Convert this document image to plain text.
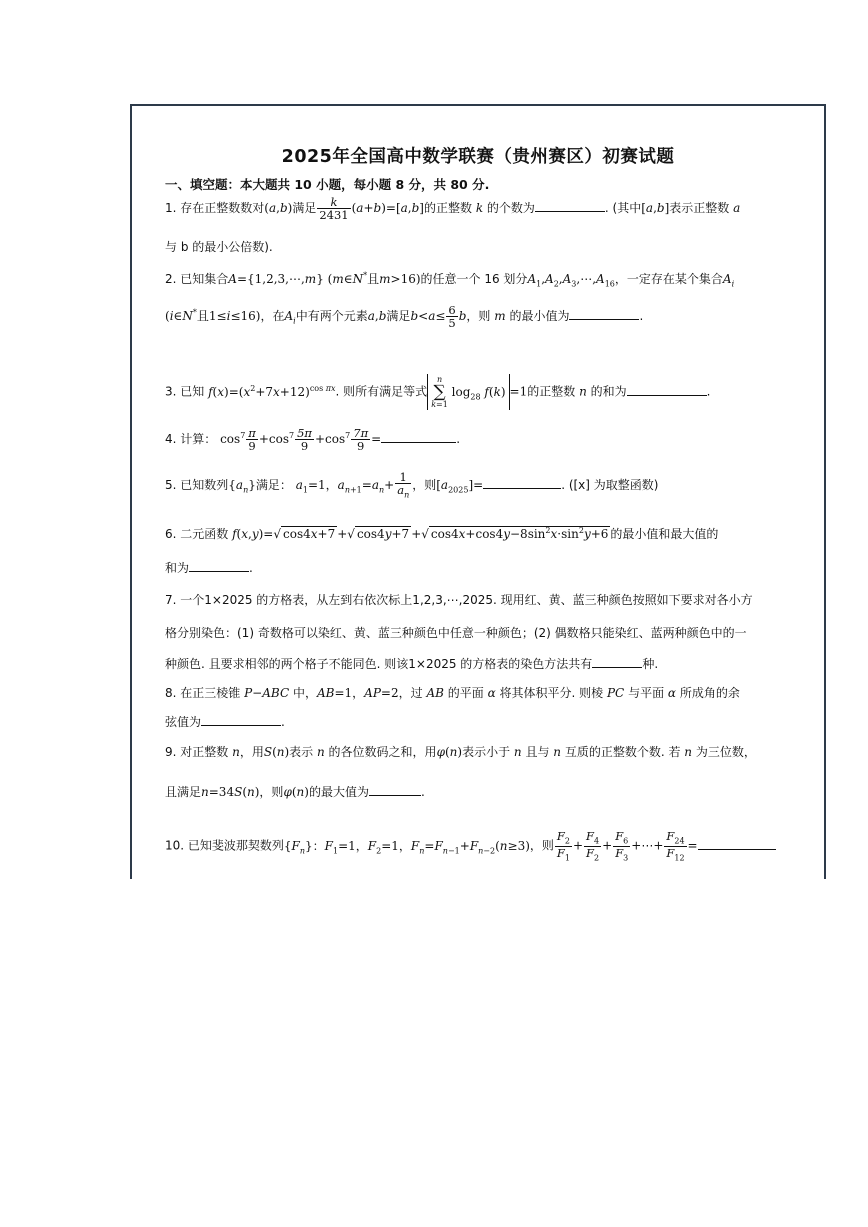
2025年全国高中数学联赛（贵州赛区）初赛试题
一、填空题：本大题共 10 小题，每小题 8 分，共 80 分.
1. 存在正整数数对(a,b)满足 $\frac{k}{2431} (a+b)=[a,b]$的正整数 k 的个数为	. (其中[a,b]表示正整数 a
与 b 的最小公倍数).
2. 已知集合A={1,2,3,⋯,m} (m∈N*且m>16)的任意一个 16 划分$A_1,A_2,A_3,\cdots,A_{16}$，一定存在某个集合$A_i$
(i∈N*且1≤i≤16)，在$A_i$中有两个元素a,b满足$b<a\le \frac{6}{5}$ b，则 m 的最小值为	.
3. 已知 $f(x)=(x^2+7x+12)^{cos \pi x}$. 则所有满足等式n
∑
k=1 $\log_{28} f(k) =1$的正整数 n 的和为	.
4. 计算： $\cos^7 \frac{\pi}{9} +\cos^7 \frac{5\pi}{9} +\cos^7 \frac{7\pi}{9}$ =	.
5. 已知数列$\{a_n\}$满足： $a_1=1$，$a_{n+1}=a_n+ \frac{1}{a_n}$ ，则$[a_{2025}]=$	. ([x] 为取整函数)
6. 二元函数 f(x,y)=√ cos4x+7 +√ cos4y+7 +√ $\cos 4x+\cos 4y-8\sin^2x\cdot\sin^2y+6$ 的最小值和最大值的
和为	.
7. 一个1×2025 的方格表，从左到右依次标上1,2,3,⋯,2025. 现用红、黄、蓝三种颜色按照如下要求对各小方
格分别染色：(1) 奇数格可以染红、黄、蓝三种颜色中任意一种颜色；(2) 偶数格只能染红、蓝两种颜色中的一
种颜色. 且要求相邻的两个格子不能同色. 则该1×2025 的方格表的染色方法共有	种.
8. 在正三棱锥 P−ABC 中，AB=1，AP=2，过 AB 的平面 α 将其体积平分. 则棱 PC 与平面 α 所成角的余
弦值为	.
9. 对正整数 n，用S(n)表示 n 的各位数码之和，用φ(n)表示小于 n 且与 n 互质的正整数个数. 若 n 为三位数，
且满足n=34S(n)，则φ(n)的最大值为	.
10. 已知斐波那契数列$\{F_n\}$：$F_1=1$，$F_2=1$，$F_n=F_{n-1}+F_{n-2}(n\ge 3)$，则 $\frac{F_2}{F_1} + \frac{F_4}{F_2} + \frac{F_6}{F_3}$ +⋯+ $\frac{F_{24}}{F_{12}}$ =
